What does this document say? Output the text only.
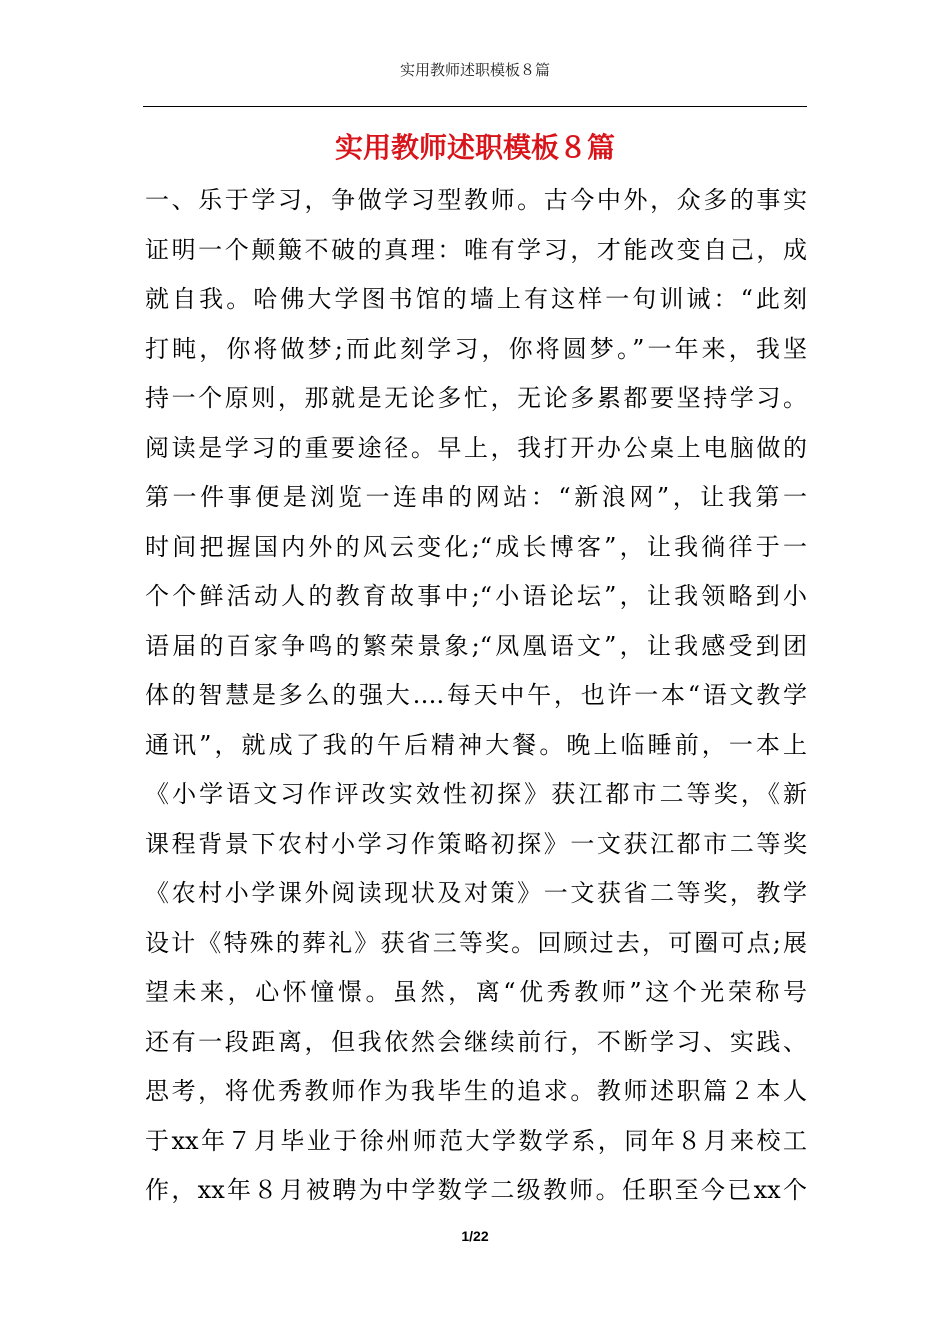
实用教师述职模板８篇
实用教师述职模板８篇
一、乐于学习，争做学习型教师。古今中外，众多的事实
证明一个颠簸不破的真理：唯有学习，才能改变自己，成
就自我。哈佛大学图书馆的墙上有这样一句训诫：“此刻
打盹，你将做梦;而此刻学习，你将圆梦。”一年来，我坚
持一个原则，那就是无论多忙，无论多累都要坚持学习。
阅读是学习的重要途径。早上，我打开办公桌上电脑做的
第一件事便是浏览一连串的网站：“新浪网”，让我第一
时间把握国内外的风云变化;“成长博客”，让我徜徉于一
个个鲜活动人的教育故事中;“小语论坛”，让我领略到小
语届的百家争鸣的繁荣景象;“凤凰语文”，让我感受到团
体的智慧是多么的强大….每天中午，也许一本“语文教学
通讯”，就成了我的午后精神大餐。晚上临睡前，一本上
《小学语文习作评改实效性初探》获江都市二等奖，《新
课程背景下农村小学习作策略初探》一文获江都市二等奖
《农村小学课外阅读现状及对策》一文获省二等奖，教学
设计《特殊的葬礼》获省三等奖。回顾过去，可圈可点;展
望未来，心怀憧憬。虽然，离“优秀教师”这个光荣称号
还有一段距离，但我依然会继续前行，不断学习、实践、
思考，将优秀教师作为我毕生的追求。教师述职篇２本人
于xx年７月毕业于徐州师范大学数学系，同年８月来校工
作，xx年８月被聘为中学数学二级教师。任职至今已xx个
1/22
